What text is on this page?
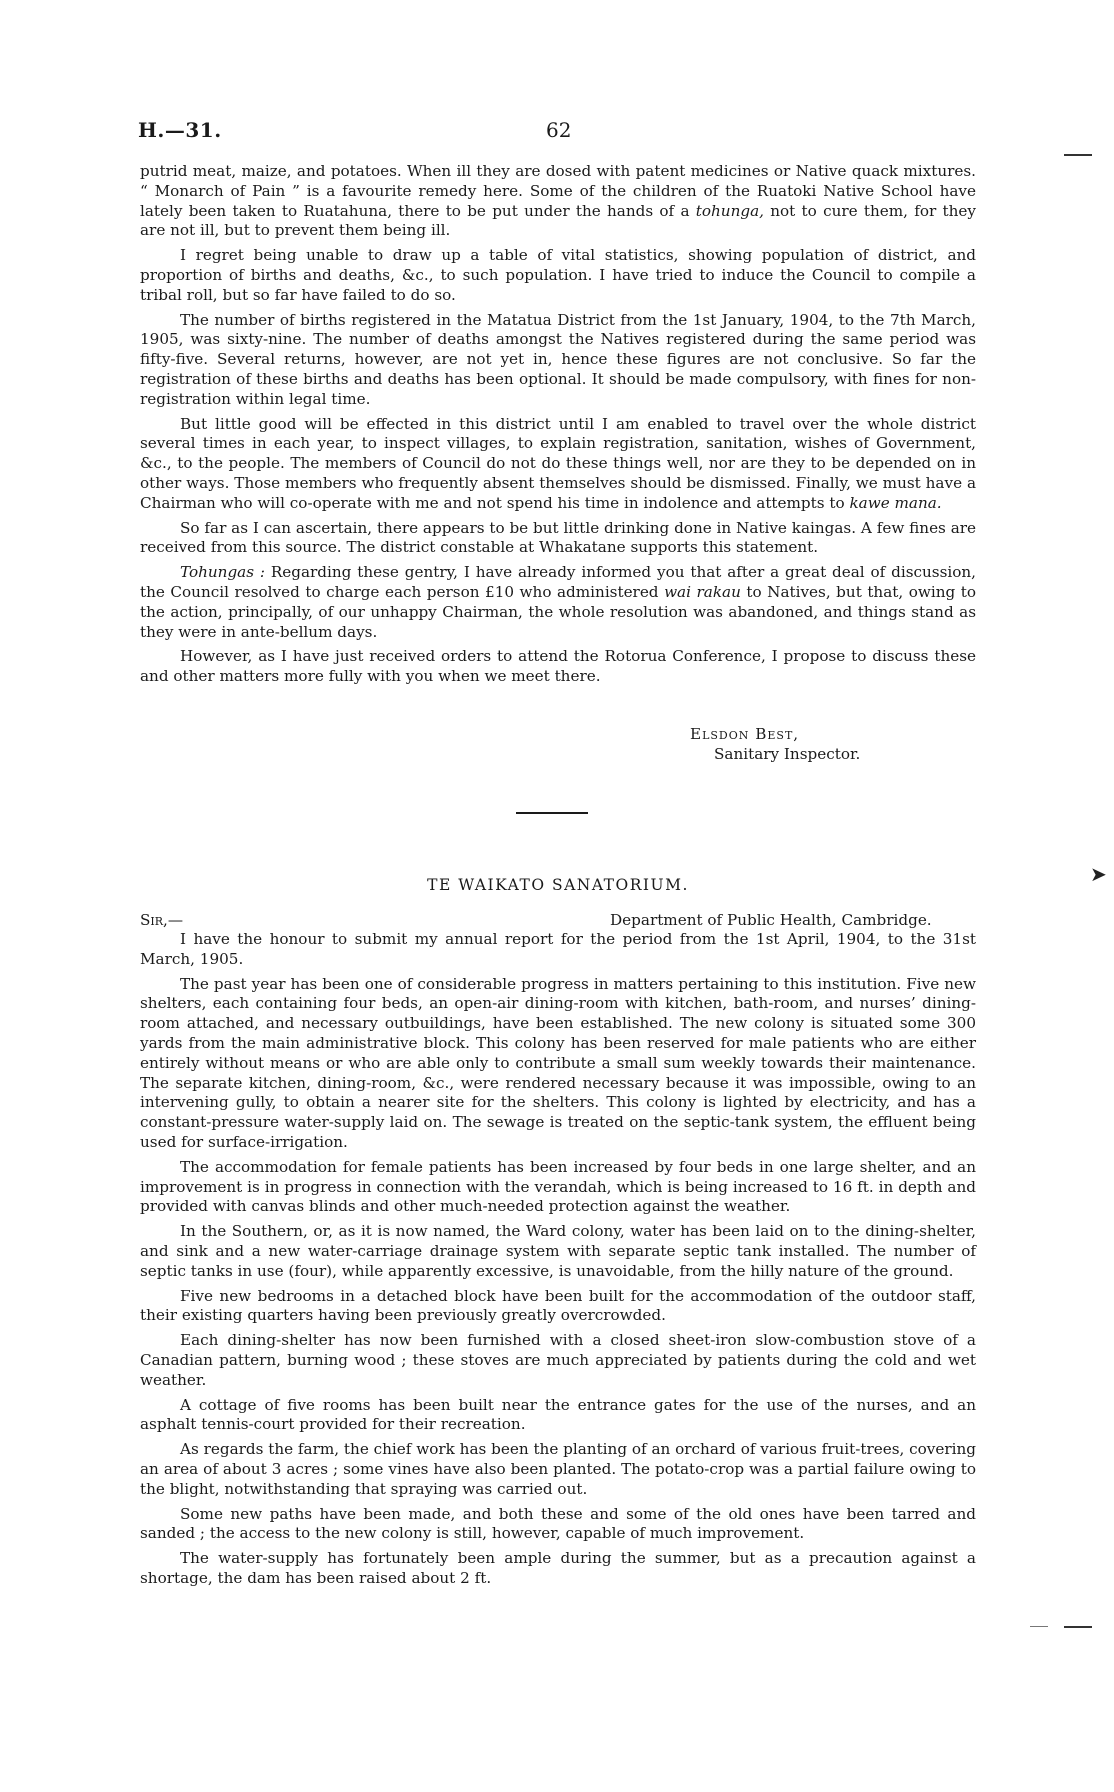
H.—31.	62

putrid meat, maize, and potatoes. When ill they are dosed with patent medicines or Native quack mixtures. “ Monarch of Pain ” is a favourite remedy here. Some of the children of the Ruatoki Native School have lately been taken to Ruatahuna, there to be put under the hands of a tohunga, not to cure them, for they are not ill, but to prevent them being ill.

I regret being unable to draw up a table of vital statistics, showing population of district, and proportion of births and deaths, &c., to such population. I have tried to induce the Council to compile a tribal roll, but so far have failed to do so.

The number of births registered in the Matatua District from the 1st January, 1904, to the 7th March, 1905, was sixty-nine. The number of deaths amongst the Natives registered during the same period was fifty-five. Several returns, however, are not yet in, hence these figures are not conclusive. So far the registration of these births and deaths has been optional. It should be made compulsory, with fines for non-registration within legal time.

But little good will be effected in this district until I am enabled to travel over the whole district several times in each year, to inspect villages, to explain registration, sanitation, wishes of Government, &c., to the people. The members of Council do not do these things well, nor are they to be depended on in other ways. Those members who frequently absent themselves should be dismissed. Finally, we must have a Chairman who will co-operate with me and not spend his time in indolence and attempts to kawe mana.

So far as I can ascertain, there appears to be but little drinking done in Native kaingas. A few fines are received from this source. The district constable at Whakatane supports this statement.

Tohungas : Regarding these gentry, I have already informed you that after a great deal of discussion, the Council resolved to charge each person £10 who administered wai rakau to Natives, but that, owing to the action, principally, of our unhappy Chairman, the whole resolution was abandoned, and things stand as they were in ante-bellum days.

However, as I have just received orders to attend the Rotorua Conference, I propose to discuss these and other matters more fully with you when we meet there.

Elsdon Best,
Sanitary Inspector.
TE WAIKATO SANATORIUM.
Sir,—	Department of Public Health, Cambridge.

I have the honour to submit my annual report for the period from the 1st April, 1904, to the 31st March, 1905.

The past year has been one of considerable progress in matters pertaining to this institution. Five new shelters, each containing four beds, an open-air dining-room with kitchen, bath-room, and nurses’ dining-room attached, and necessary outbuildings, have been established. The new colony is situated some 300 yards from the main administrative block. This colony has been reserved for male patients who are either entirely without means or who are able only to contribute a small sum weekly towards their maintenance. The separate kitchen, dining-room, &c., were rendered necessary because it was impossible, owing to an intervening gully, to obtain a nearer site for the shelters. This colony is lighted by electricity, and has a constant-pressure water-supply laid on. The sewage is treated on the septic-tank system, the effluent being used for surface-irrigation.

The accommodation for female patients has been increased by four beds in one large shelter, and an improvement is in progress in connection with the verandah, which is being increased to 16 ft. in depth and provided with canvas blinds and other much-needed protection against the weather.

In the Southern, or, as it is now named, the Ward colony, water has been laid on to the dining-shelter, and sink and a new water-carriage drainage system with separate septic tank installed. The number of septic tanks in use (four), while apparently excessive, is unavoidable, from the hilly nature of the ground.

Five new bedrooms in a detached block have been built for the accommodation of the outdoor staff, their existing quarters having been previously greatly overcrowded.

Each dining-shelter has now been furnished with a closed sheet-iron slow-combustion stove of a Canadian pattern, burning wood ; these stoves are much appreciated by patients during the cold and wet weather.

A cottage of five rooms has been built near the entrance gates for the use of the nurses, and an asphalt tennis-court provided for their recreation.

As regards the farm, the chief work has been the planting of an orchard of various fruit-trees, covering an area of about 3 acres ; some vines have also been planted. The potato-crop was a partial failure owing to the blight, notwithstanding that spraying was carried out.

Some new paths have been made, and both these and some of the old ones have been tarred and sanded ; the access to the new colony is still, however, capable of much improvement.

The water-supply has fortunately been ample during the summer, but as a precaution against a shortage, the dam has been raised about 2 ft.

➤
